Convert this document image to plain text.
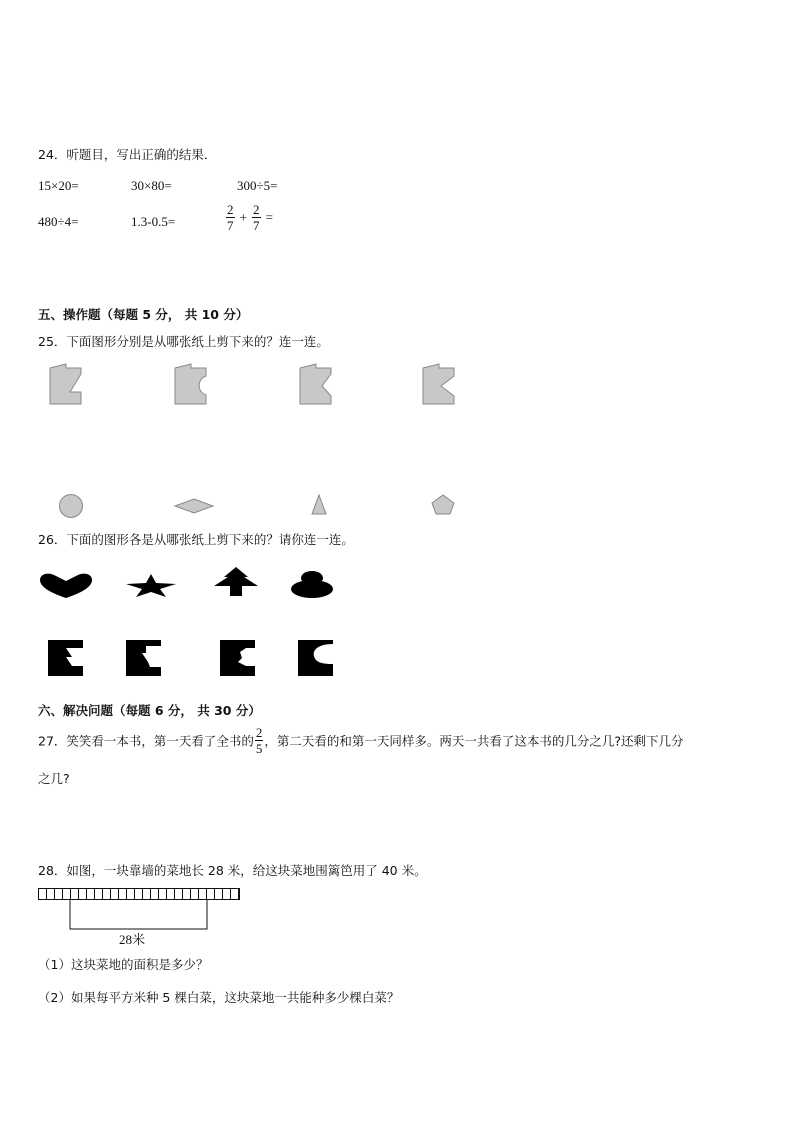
24．听题目，写出正确的结果．
15×20=	30×80=	300÷5=
480÷4=	1.3-0.5=	$\frac{2}{7} + \frac{2}{7}$ =
五、操作题（每题 5 分， 共 10 分）
25．下面图形分别是从哪张纸上剪下来的？连一连。
26．下面的图形各是从哪张纸上剪下来的？请你连一连。
六、解决问题（每题 6 分， 共 30 分）
27．笑笑看一本书，第一天看了全书的 $\frac{2}{5}$ ，第二天看的和第一天同样多。两天一共看了这本书的几分之几?还剩下几分
之几?
28．如图，一块靠墙的菜地长 28 米，给这块菜地围篱笆用了 40 米。
28米
（1）这块菜地的面积是多少？
（2）如果每平方米种 5 棵白菜，这块菜地一共能种多少棵白菜？
